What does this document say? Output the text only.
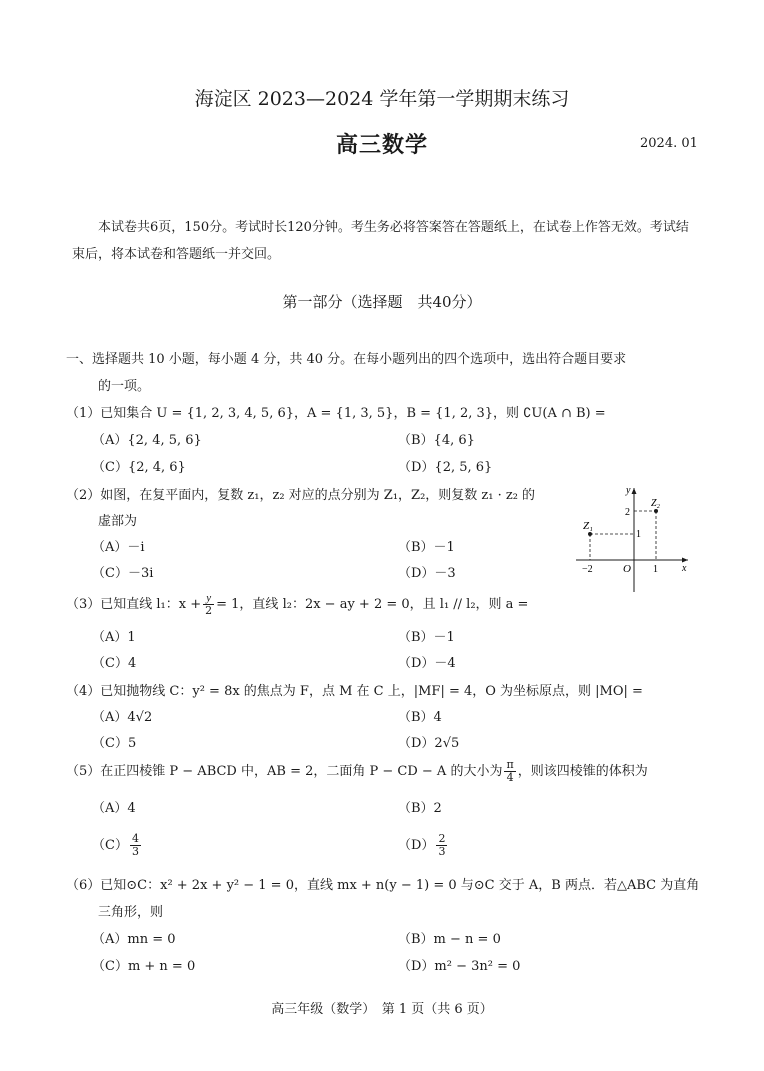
海淀区 2023—2024 学年第一学期期末练习
高三数学	2024. 01
本试卷共6页，150分。考试时长120分钟。考生务必将答案答在答题纸上，在试卷上作答无效。考试结束后，将本试卷和答题纸一并交回。
第一部分（选择题　共40分）
一、选择题共 10 小题，每小题 4 分，共 40 分。在每小题列出的四个选项中，选出符合题目要求
的一项。
（1）已知集合 U = {1, 2, 3, 4, 5, 6}，A = {1, 3, 5}，B = {1, 2, 3}，则 ∁U(A ∩ B) =
（A）{2, 4, 5, 6}	（B）{4, 6}
（C）{2, 4, 6}	（D）{2, 5, 6}
（2）如图，在复平面内，复数 z₁，z₂ 对应的点分别为 Z₁，Z₂，则复数 z₁ · z₂ 的
虚部为
（A）－i	（B）－1
（C）－3i	（D）－3
Z₁
Z₂
y
x
O
−2	1
1
2
（3）已知直线 l₁：$x + \frac{y}{2} = 1$，直线 l₂：2x − ay + 2 = 0，且 l₁ // l₂，则 a =
（A）1	（B）－1
（C）4	（D）－4
（4）已知抛物线 C：y² = 8x 的焦点为 F，点 M 在 C 上，|MF| = 4，O 为坐标原点，则 |MO| =
（A）4√2	（B）4
（C）5	（D）2√5
（5）在正四棱锥 P − ABCD 中，AB = 2，二面角 P − CD − A 的大小为 $\frac{\pi}{4}$ ，则该四棱锥的体积为
（A）4	（B）2
$(C) \frac{4}{3}$	$(D) \frac{2}{3}$
（6）已知⊙C：x² + 2x + y² − 1 = 0，直线 mx + n(y − 1) = 0 与⊙C 交于 A，B 两点．若△ABC 为直角
三角形，则
（A）mn = 0	（B）m − n = 0
（C）m + n = 0	（D）m² − 3n² = 0
高三年级（数学）　第 1 页（共 6 页）
